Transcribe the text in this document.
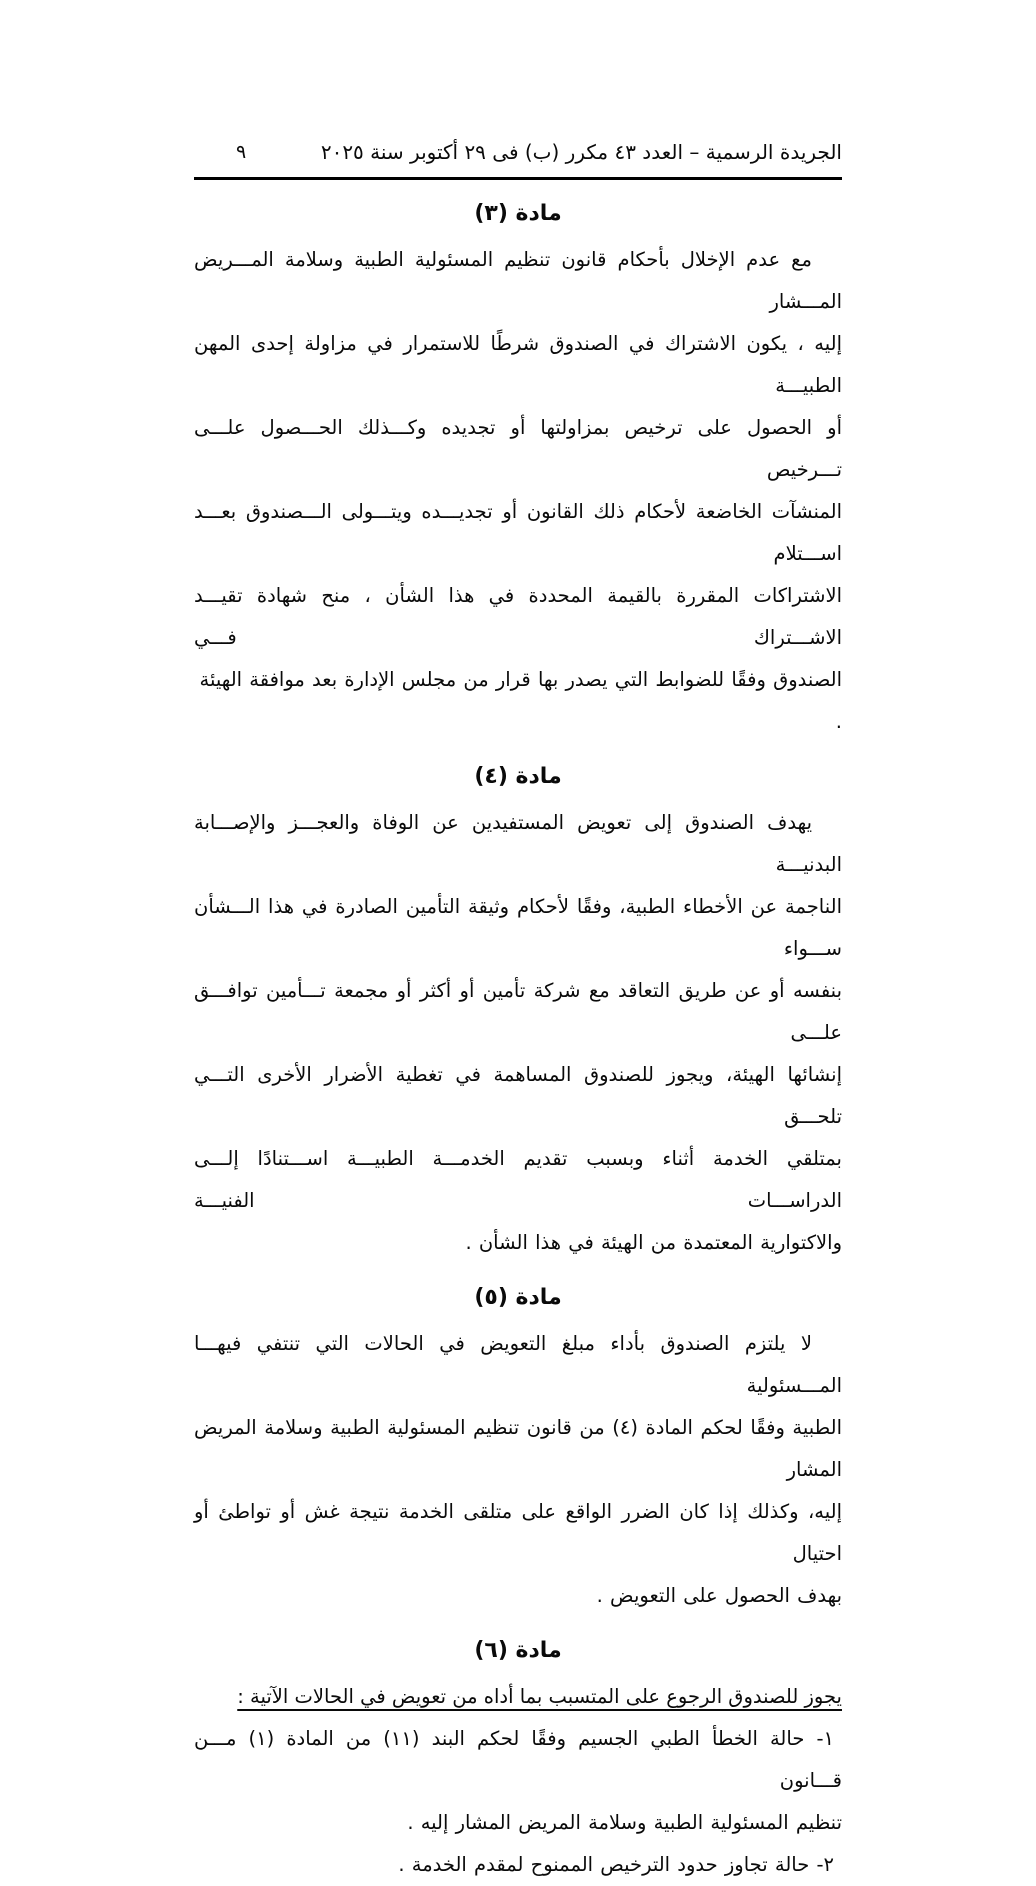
الجريدة الرسمية – العدد ٤٣ مكرر (ب) فى ٢٩ أكتوبر سنة ٢٠٢٥
٩
مادة (٣)

مع عدم الإخلال بأحكام قانون تنظيم المسئولية الطبية وسلامة المـــريض المـــشار
إليه ، يكون الاشتراك في الصندوق شرطًا للاستمرار في مزاولة إحدى المهن الطبيـــة
أو الحصول على ترخيص بمزاولتها أو تجديده وكـــذلك الحـــصول علـــى تـــرخيص
المنشآت الخاضعة لأحكام ذلك القانون أو تجديـــده ويتـــولى الـــصندوق بعـــد اســـتلام
الاشتراكات المقررة بالقيمة المحددة في هذا الشأن ، منح شهادة تقيـــد الاشـــتراك فـــي
الصندوق وفقًا للضوابط التي يصدر بها قرار من مجلس الإدارة بعد موافقة الهيئة .

مادة (٤)

يهدف الصندوق إلى تعويض المستفيدين عن الوفاة والعجـــز والإصـــابة البدنيـــة
الناجمة عن الأخطاء الطبية، وفقًا لأحكام وثيقة التأمين الصادرة في هذا الـــشأن ســـواء
بنفسه أو عن طريق التعاقد مع شركة تأمين أو أكثر أو مجمعة تـــأمين توافـــق علـــى
إنشائها الهيئة، ويجوز للصندوق المساهمة في تغطية الأضرار الأخرى التـــي تلحـــق
بمتلقي الخدمة أثناء وبسبب تقديم الخدمـــة الطبيـــة اســـتنادًا إلـــى الدراســـات الفنيـــة
والاكتوارية المعتمدة من الهيئة في هذا الشأن .

مادة (٥)

لا يلتزم الصندوق بأداء مبلغ التعويض في الحالات التي تنتفي فيهـــا المـــسئولية
الطبية وفقًا لحكم المادة (٤) من قانون تنظيم المسئولية الطبية وسلامة المريض المشار
إليه، وكذلك إذا كان الضرر الواقع على متلقى الخدمة نتيجة غش أو تواطئ أو احتيال
بهدف الحصول على التعويض .

مادة (٦)

يجوز للصندوق الرجوع على المتسبب بما أداه من تعويض في الحالات الآتية :

١- حالة الخطأ الطبي الجسيم وفقًا لحكم البند (١١) من المادة (١) مـــن قـــانون
تنظيم المسئولية الطبية وسلامة المريض المشار إليه .

٢- حالة تجاوز حدود الترخيص الممنوح لمقدم الخدمة .
